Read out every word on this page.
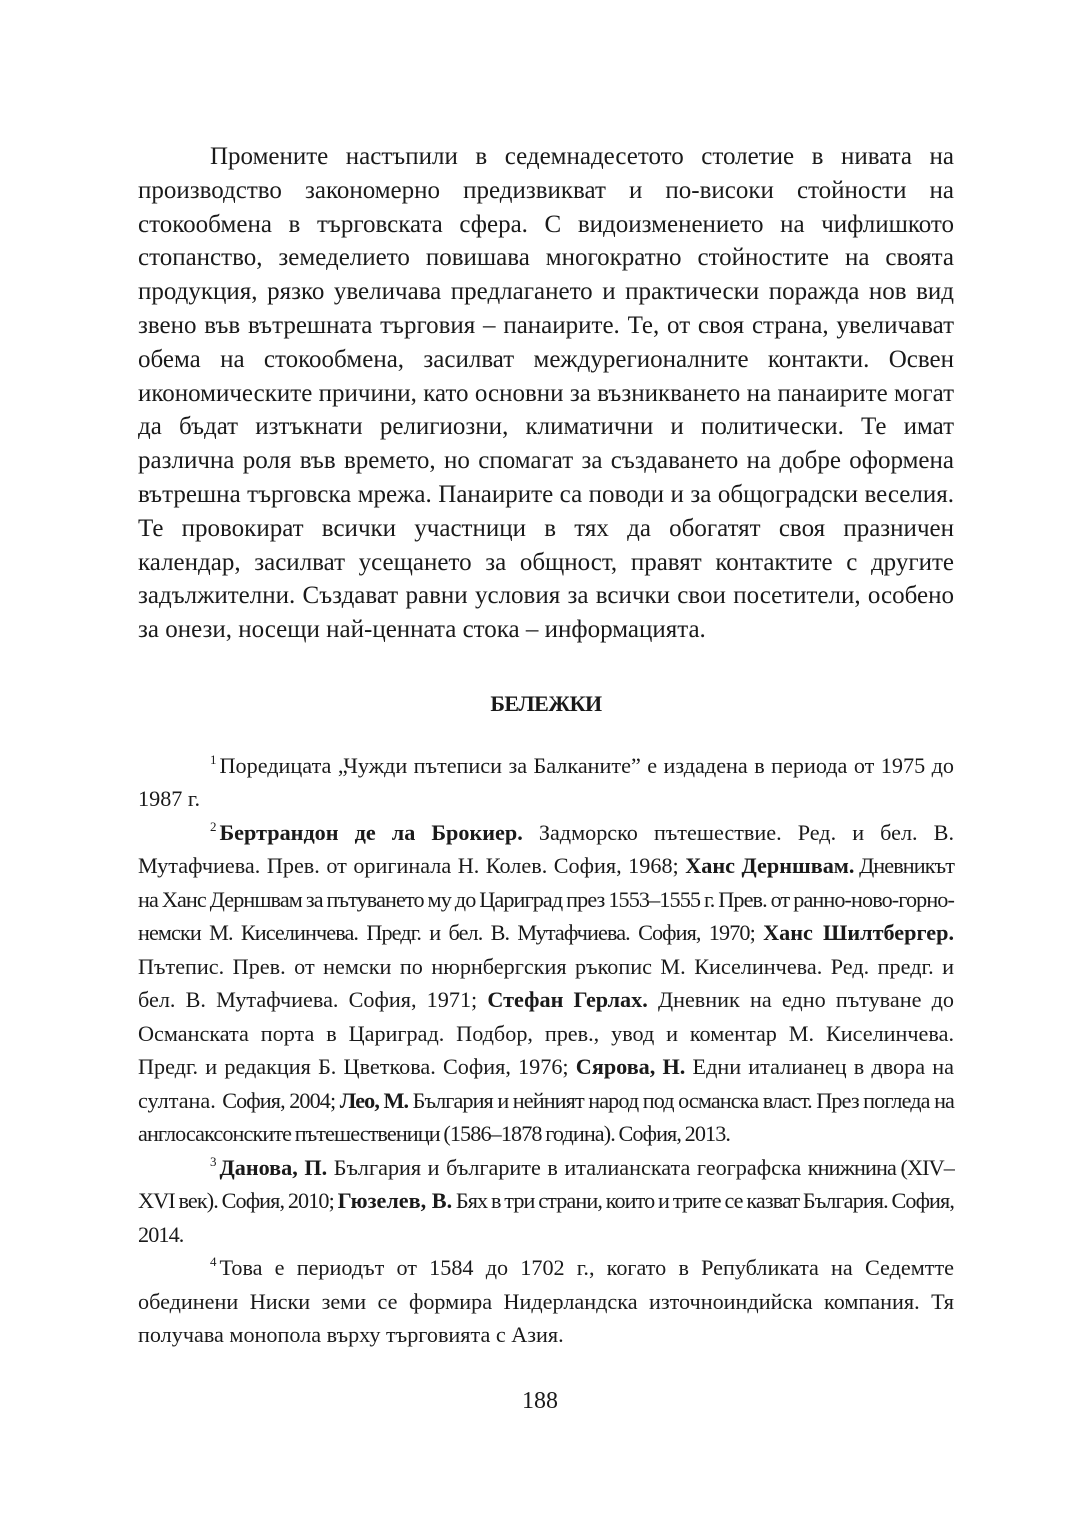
Промените настъпили в седемнадесетото столетие в нивата на производство закономерно предизвикват и по-високи стойности на стокообмена в търговската сфера. С видоизменението на чифлишкото стопанство, земеделието повишава многократно стойностите на своята продукция, рязко увеличава предлагането и практически поражда нов вид звено във вътрешната търговия – панаирите. Те, от своя страна, увеличават обема на стокообмена, засилват междурегионалните контакти. Освен икономическите причини, като основни за възникването на панаирите могат да бъдат изтъкнати религиозни, климатични и политически. Те имат различна роля във времето, но спомагат за създаването на добре оформена вътрешна търговска мрежа. Панаирите са поводи и за общоградски веселия. Те провокират всички участници в тях да обогатят своя празничен календар, засилват усещането за общност, правят контактите с другите задължителни. Създават равни условия за всички свои посетители, особено за онези, носещи най-ценната стока – информацията.

БЕЛЕЖКИ

$^1$ Поредицата „Чужди пътеписи за Балканите” е издадена в периода от 1975 до 1987 г.

$^2$ Бертрандон де ла Брокиер. Задморско пътешествие. Ред. и бел. В. Мутафчиева. Прев. от оригинала Н. Колев. София, 1968; Ханс Дерншвам. Дневникът на Ханс Дерншвам за пътуването му до Цариград през 1553–1555 г. Прев. от ранно-ново-горно-немски М. Киселинчева. Предг. и бел. В. Мутафчиева. София, 1970; Ханс Шилтбергер. Пътепис. Прев. от немски по нюрнбергския ръкопис М. Киселинчева. Ред. предг. и бел. В. Мутафчиева. София, 1971; Стефан Герлах. Дневник на едно пътуване до Османската порта в Цариград. Подбор, прев., увод и коментар М. Киселинчева. Предг. и редакция Б. Цветкова. София, 1976; Сярова, Н. Едни италианец в двора на султана. София, 2004; Лео, М. България и нейният народ под османска власт. През погледа на англосаксонските пътешественици (1586–1878 година). София, 2013.

$^3$ Данова, П. България и българите в италианската географска книжнина (XIV–XVI век). София, 2010; Гюзелев, В. Бях в три страни, които и трите се казват България. София, 2014.

$^4$ Това е периодът от 1584 до 1702 г., когато в Републиката на Седемтте обединени Ниски земи се формира Нидерландска източноиндийска компания. Тя получава монопола върху търговията с Азия.

188
